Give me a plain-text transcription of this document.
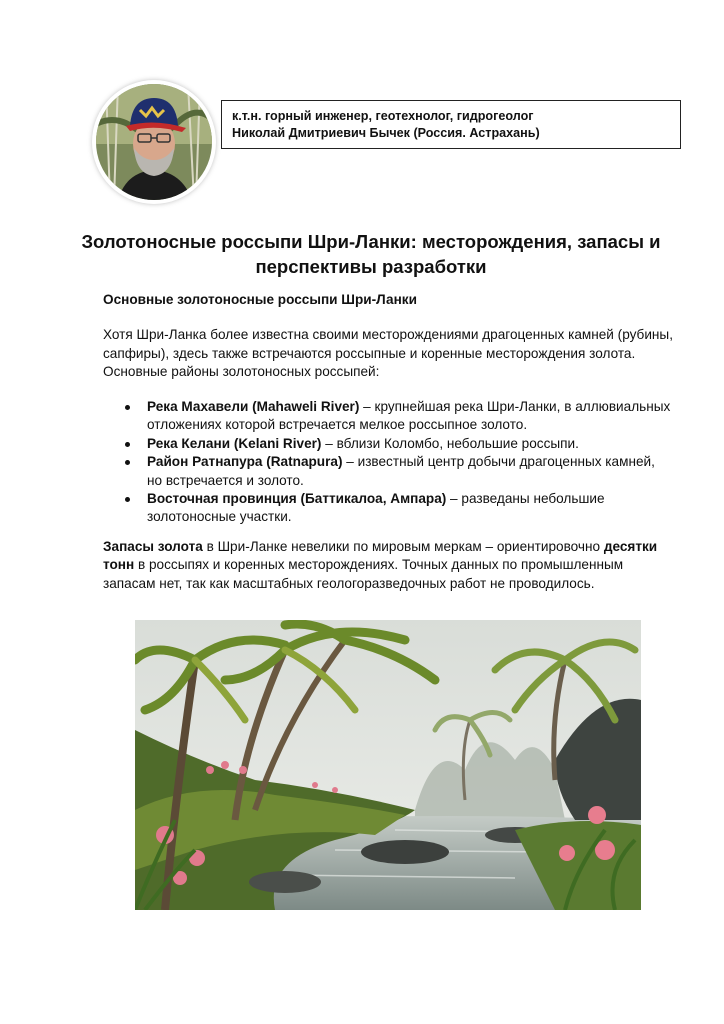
к.т.н. горный инженер, геотехнолог, гидрогеолог
Николай Дмитриевич Бычек (Россия. Астрахань)
Золотоносные россыпи Шри-Ланки: месторождения, запасы и
перспективы разработки
Основные золотоносные россыпи Шри-Ланки

Хотя Шри-Ланка более известна своими месторождениями драгоценных камней (рубины,
сапфиры), здесь также встречаются россыпные и коренные месторождения золота.
Основные районы золотоносных россыпей:

Река Махавели (Mahaweli River) – крупнейшая река Шри-Ланки, в аллювиальных отложениях которой встречается мелкое россыпное золото.
Река Келани (Kelani River) – вблизи Коломбо, небольшие россыпи.
Район Ратнапура (Ratnapura) – известный центр добычи драгоценных камней, но встречается и золото.
Восточная провинция (Баттикалоа, Ампара) – разведаны небольшие золотоносные участки.

Запасы золота в Шри-Ланке невелики по мировым меркам – ориентировочно десятки тонн в россыпях и коренных месторождениях. Точных данных по промышленным запасам нет, так как масштабных геологоразведочных работ не проводилось.
